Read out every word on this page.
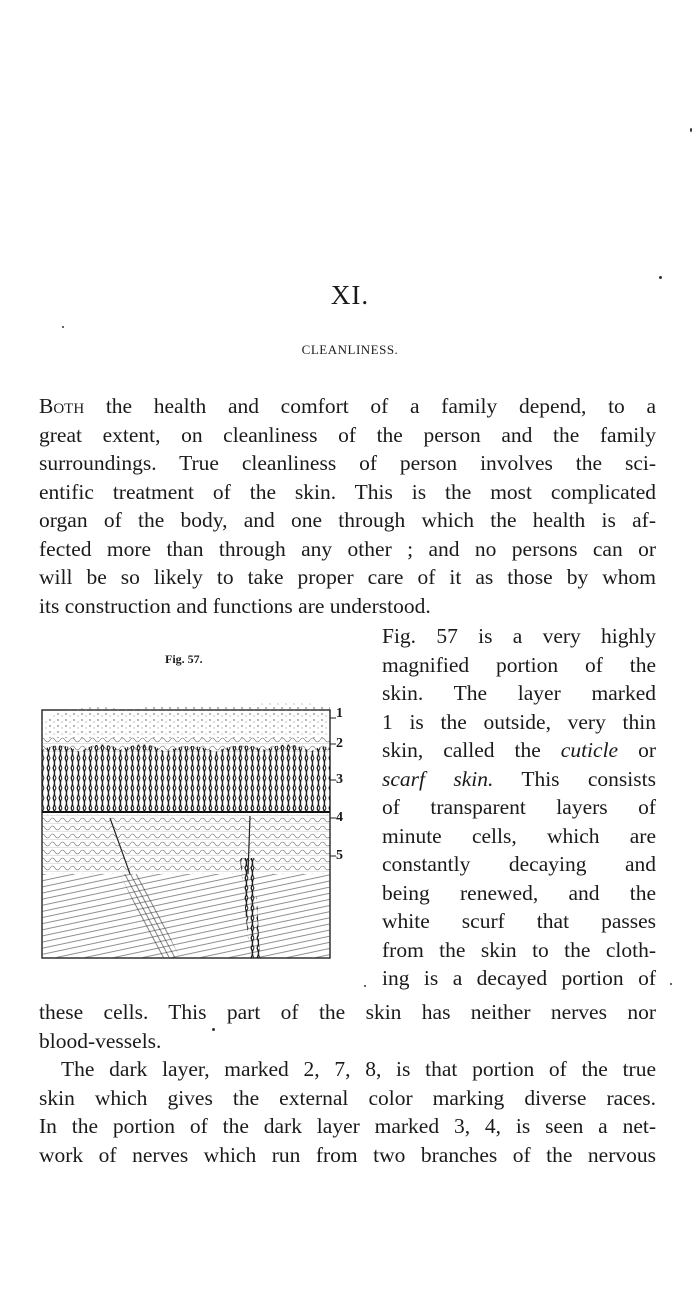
XI.
CLEANLINESS.
Both the health and comfort of a family depend, to a
great extent, on cleanliness of the person and the family
surroundings. True cleanliness of person involves the sci-
entific treatment of the skin. This is the most complicated
organ of the body, and one through which the health is af-
fected more than through any other ; and no persons can or
will be so likely to take proper care of it as those by whom
its construction and functions are understood.
Fig. 57.
1
2
3
4
5
Fig. 57 is a very highly
magnified portion of the
skin. The layer marked
1 is the outside, very thin
skin, called the cuticle or
scarf skin. This consists
of transparent layers of
minute cells, which are
constantly decaying and
being renewed, and the
white scurf that passes
from the skin to the cloth-
ing is a decayed portion of
these cells. This part of the skin has neither nerves nor
blood-vessels.
The dark layer, marked 2, 7, 8, is that portion of the true
skin which gives the external color marking diverse races.
In the portion of the dark layer marked 3, 4, is seen a net-
work of nerves which run from two branches of the nervous
